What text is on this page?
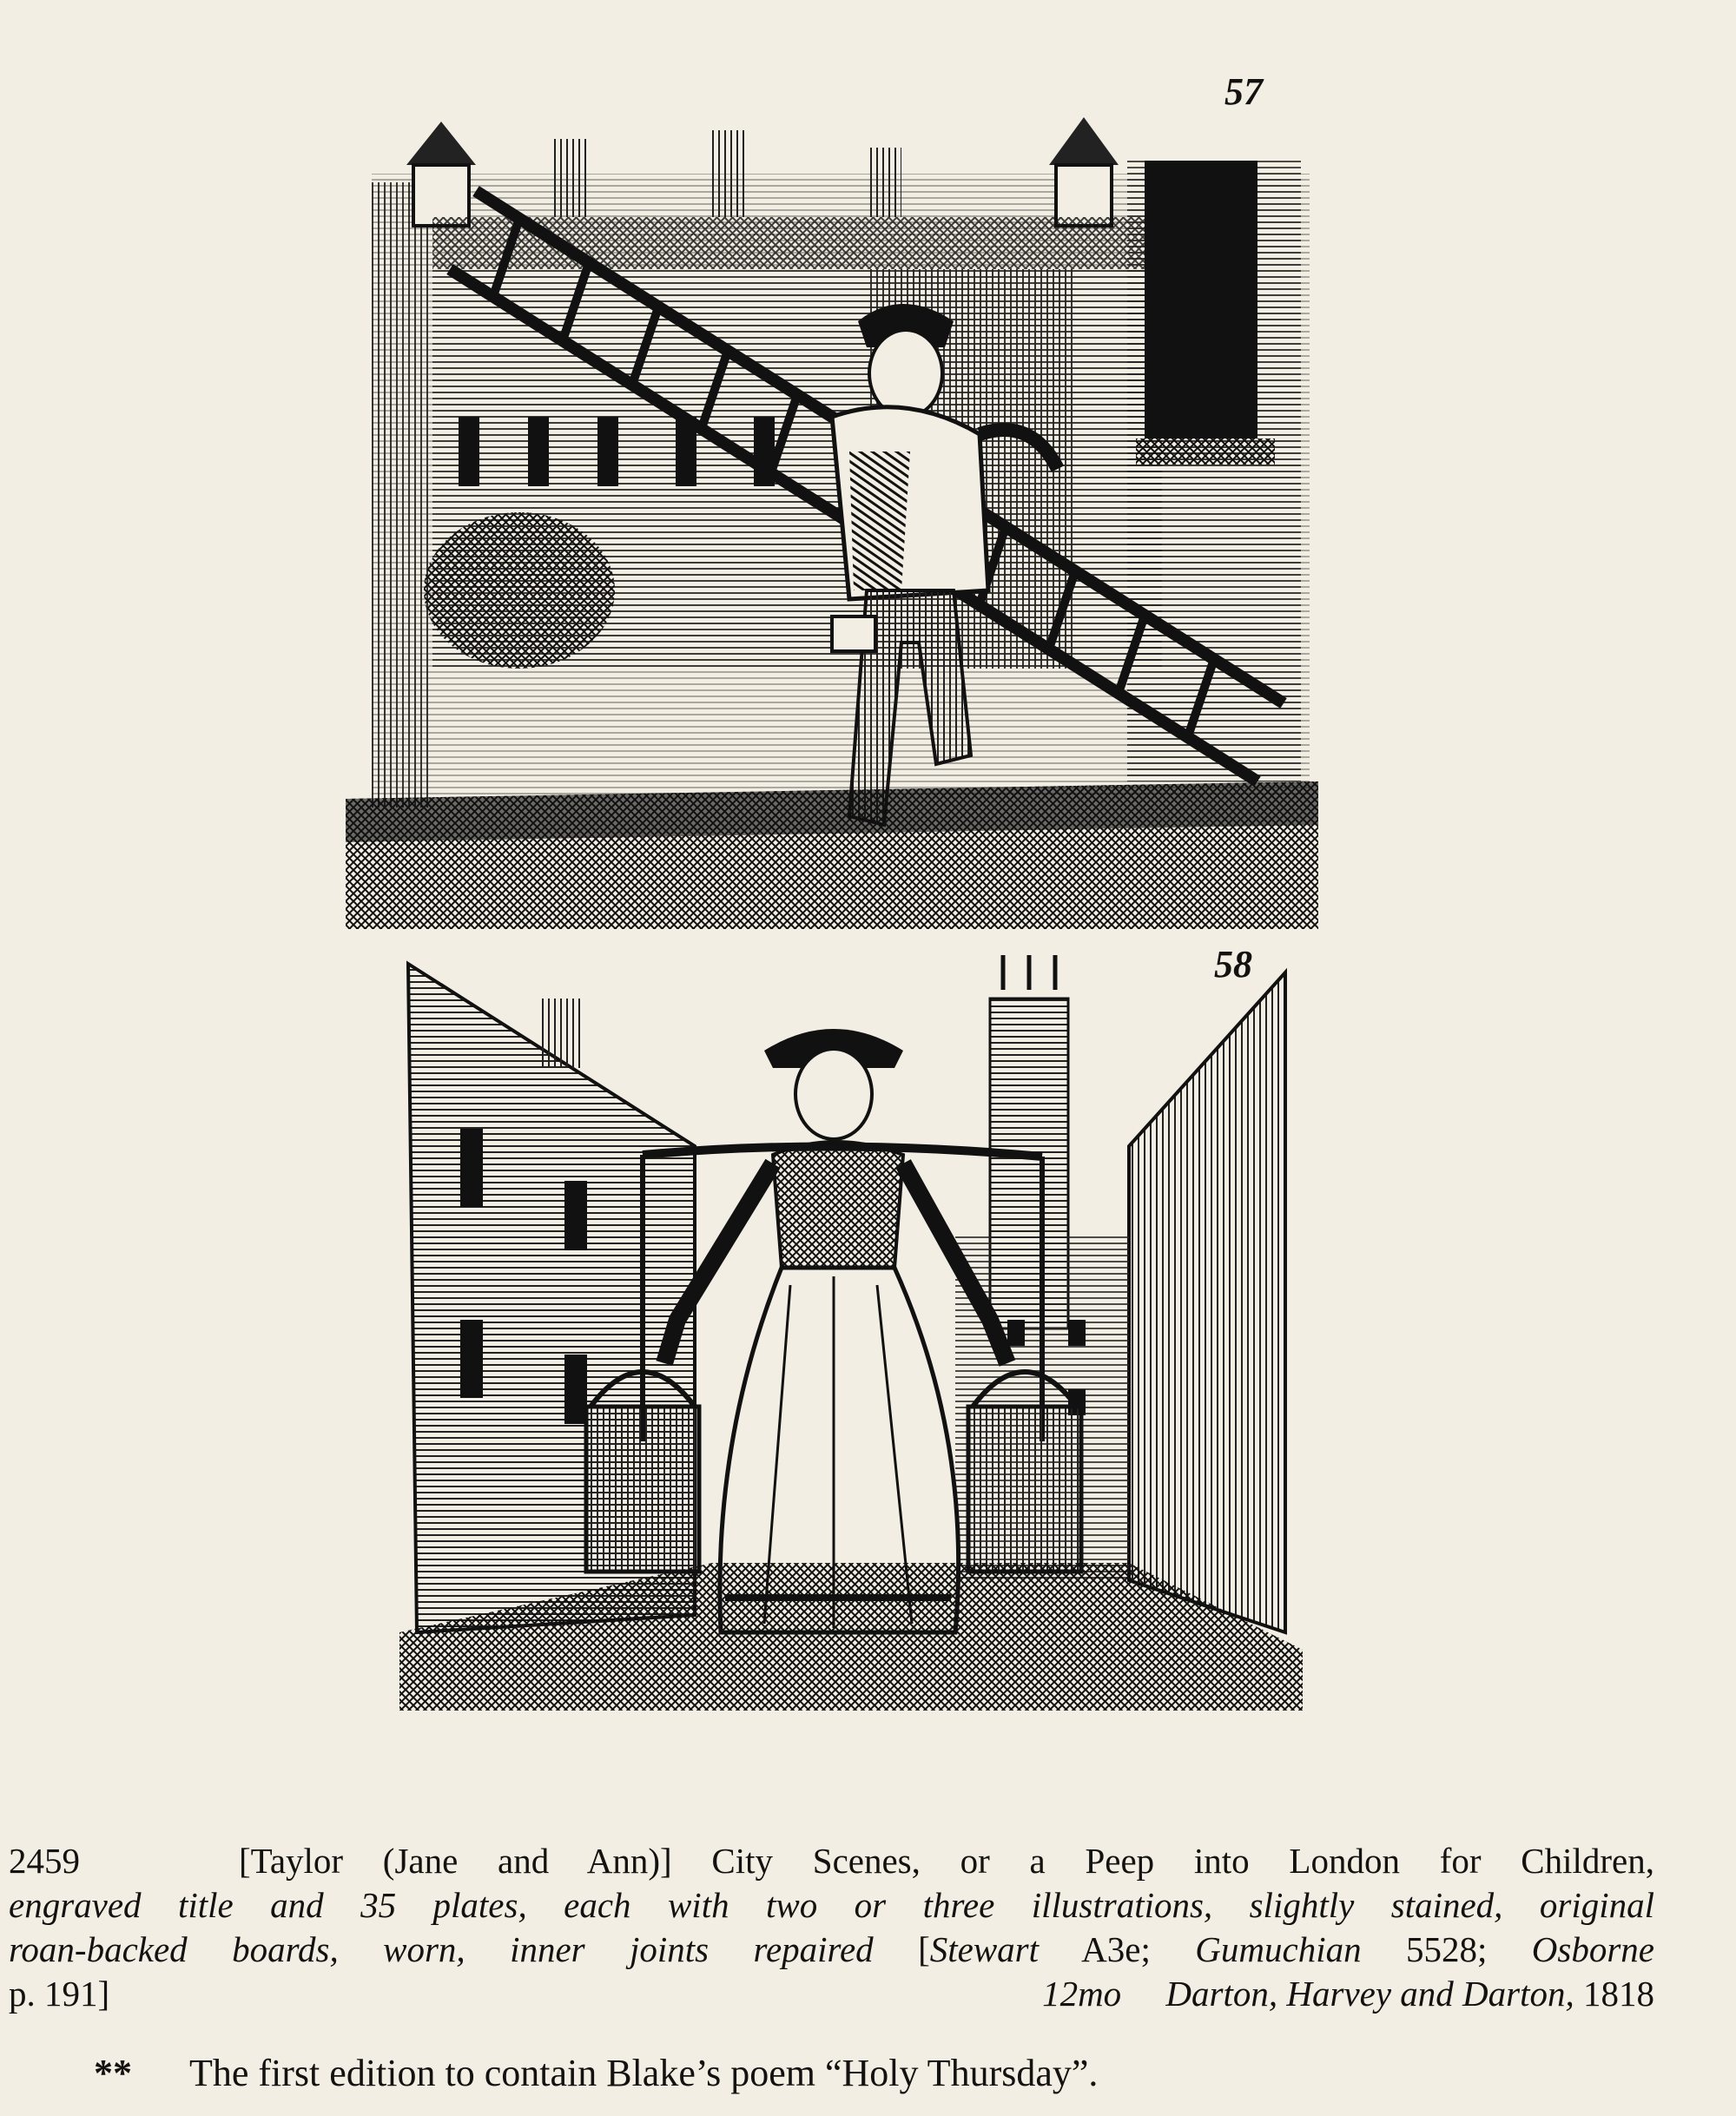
57
58
2459	[Taylor (Jane and Ann)] City Scenes, or a Peep into London for Children,
engraved title and 35 plates, each with two or three illustrations, slightly stained, original
roan-backed boards, worn, inner joints repaired [Stewart A3e; Gumuchian 5528; Osborne
p. 191]	12mo Darton, Harvey and Darton, 1818
** The first edition to contain Blake’s poem “Holy Thursday”.
